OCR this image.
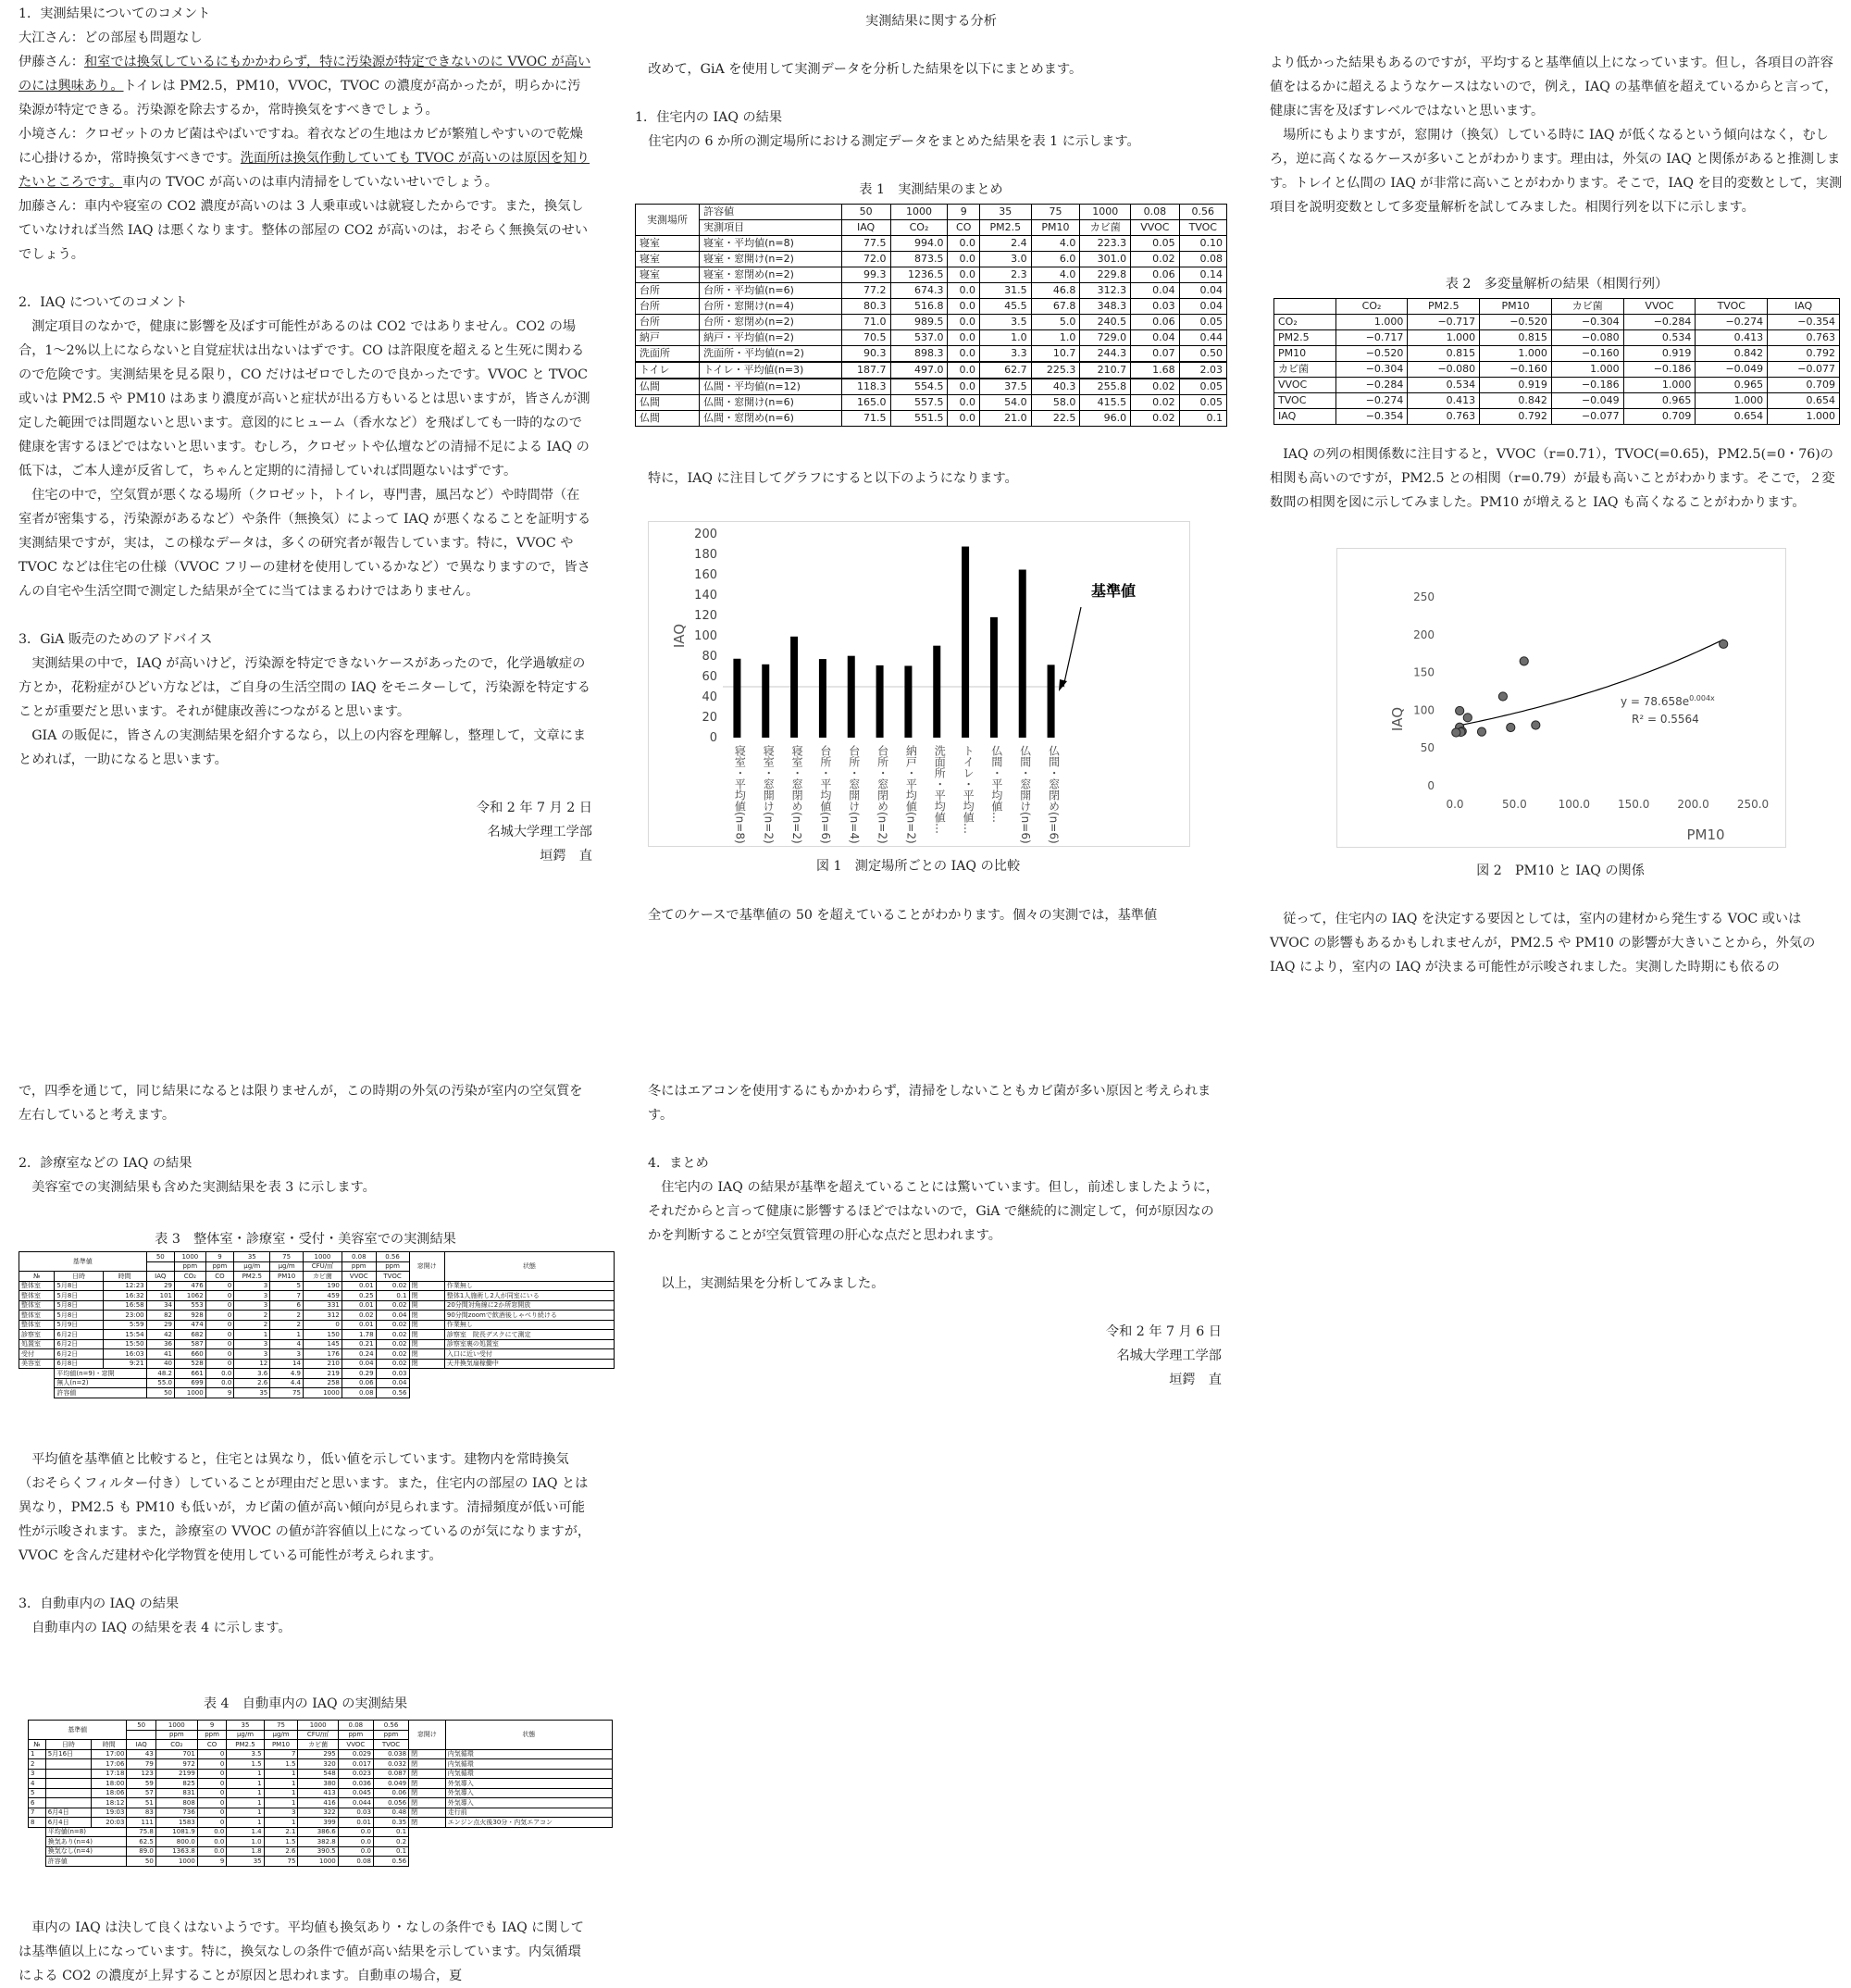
1．実測結果についてのコメント

大江さん：どの部屋も問題なし

伊藤さん：和室では換気しているにもかかわらず，特に汚染源が特定できないのに VVOC が高いのには興味あり。トイレは PM2.5，PM10，VVOC，TVOC の濃度が高かったが，明らかに汚染源が特定できる。汚染源を除去するか，常時換気をすべきでしょう。

小境さん：クロゼットのカビ菌はやばいですね。着衣などの生地はカビが繁殖しやすいので乾燥に心掛けるか，常時換気すべきです。洗面所は換気作動していても TVOC が高いのは原因を知りたいところです。車内の TVOC が高いのは車内清掃をしていないせいでしょう。

加藤さん：車内や寝室の CO2 濃度が高いのは 3 人乗車或いは就寝したからです。また，換気していなければ当然 IAQ は悪くなります。整体の部屋の CO2 が高いのは，おそらく無換気のせいでしょう。

2．IAQ についてのコメント

測定項目のなかで，健康に影響を及ぼす可能性があるのは CO2 ではありません。CO2 の場合，1～2%以上にならないと自覚症状は出ないはずです。CO は許限度を超えると生死に関わるので危険です。実測結果を見る限り，CO だけはゼロでしたので良かったです。VVOC と TVOC 或いは PM2.5 や PM10 はあまり濃度が高いと症状が出る方もいるとは思いますが，皆さんが測定した範囲では問題ないと思います。意図的にヒューム（香水など）を飛ばしても一時的なので健康を害するほどではないと思います。むしろ，クロゼットや仏壇などの清掃不足による IAQ の低下は，ご本人達が反省して，ちゃんと定期的に清掃していれば問題ないはずです。

住宅の中で，空気質が悪くなる場所（クロゼット，トイレ，専門書，風呂など）や時間帯（在室者が密集する，汚染源があるなど）や条件（無換気）によって IAQ が悪くなることを証明する実測結果ですが，実は，この様なデータは，多くの研究者が報告しています。特に，VVOC や TVOC などは住宅の仕様（VVOC フリーの建材を使用しているかなど）で異なりますので，皆さんの自宅や生活空間で測定した結果が全てに当てはまるわけではありません。

3．GiA 販売のためのアドバイス

実測結果の中で，IAQ が高いけど，汚染源を特定できないケースがあったので，化学過敏症の方とか，花粉症がひどい方などは，ご自身の生活空間の IAQ をモニターして，汚染源を特定することが重要だと思います。それが健康改善につながると思います。

GIA の販促に，皆さんの実測結果を紹介するなら，以上の内容を理解し，整理して，文章にまとめれば，一助になると思います。

令和 2 年 7 月 2 日

名城大学理工学部

垣鍔　直

実測結果に関する分析

改めて，GiA を使用して実測データを分析した結果を以下にまとめます。

1．住宅内の IAQ の結果

住宅内の 6 か所の測定場所における測定データをまとめた結果を表 1 に示します。

表 1　実測結果のまとめ
実測場所	許容値	50	1000	9	35	75	1000	0.08	0.56
	実測項目	IAQ	CO₂	CO	PM2.5	PM10	カビ菌	VVOC	TVOC
寝室	寝室・平均値(n=8)	77.5	994.0	0.0	2.4	4.0	223.3	0.05	0.10
寝室	寝室・窓開け(n=2)	72.0	873.5	0.0	3.0	6.0	301.0	0.02	0.08
寝室	寝室・窓閉め(n=2)	99.3	1236.5	0.0	2.3	4.0	229.8	0.06	0.14
台所	台所・平均値(n=6)	77.2	674.3	0.0	31.5	46.8	312.3	0.04	0.04
台所	台所・窓開け(n=4)	80.3	516.8	0.0	45.5	67.8	348.3	0.03	0.04
台所	台所・窓閉め(n=2)	71.0	989.5	0.0	3.5	5.0	240.5	0.06	0.05
納戸	納戸・平均値(n=2)	70.5	537.0	0.0	1.0	1.0	729.0	0.04	0.44
洗面所	洗面所・平均値(n=2)	90.3	898.3	0.0	3.3	10.7	244.3	0.07	0.50
トイレ	トイレ・平均値(n=3)	187.7	497.0	0.0	62.7	225.3	210.7	1.68	2.03
仏間	仏間・平均値(n=12)	118.3	554.5	0.0	37.5	40.3	255.8	0.02	0.05
仏間	仏間・窓開け(n=6)	165.0	557.5	0.0	54.0	58.0	415.5	0.02	0.05
仏間	仏間・窓閉め(n=6)	71.5	551.5	0.0	21.0	22.5	96.0	0.02	0.1
特に，IAQ に注目してグラフにすると以下のようになります。
0
20
40
60
80
100
120
140
160
180
200
IAQ
寝室・平均値(n=8) 寝室・窓開け(n=2) 寝室・窓閉め(n=2) 台所・平均値(n=6) 台所・窓開け(n=4) 台所・窓閉め(n=2) 納戸・平均値(n=2) 洗面所・平均値… トイレ・平均値… 仏間・平均値… 仏間・窓開け(n=6) 仏間・窓閉め(n=6)
基準値
図 1　測定場所ごとの IAQ の比較
全てのケースで基準値の 50 を超えていることがわかります。個々の実測では，基準値

より低かった結果もあるのですが，平均すると基準値以上になっています。但し，各項目の許容値をはるかに超えるようなケースはないので，例え，IAQ の基準値を超えているからと言って，健康に害を及ぼすレベルではないと思います。

場所にもよりますが，窓開け（換気）している時に IAQ が低くなるという傾向はなく，むしろ，逆に高くなるケースが多いことがわかります。理由は，外気の IAQ と関係があると推測します。トレイと仏間の IAQ が非常に高いことがわかります。そこで，IAQ を目的変数として，実測項目を説明変数として多変量解析を試してみました。相関行列を以下に示します。

表 2　多変量解析の結果（相関行列）
	CO₂	PM2.5	PM10	カビ菌	VVOC	TVOC	IAQ
CO₂	1.000	−0.717	−0.520	−0.304	−0.284	−0.274	−0.354
PM2.5	−0.717	1.000	0.815	−0.080	0.534	0.413	0.763
PM10	−0.520	0.815	1.000	−0.160	0.919	0.842	0.792
カビ菌	−0.304	−0.080	−0.160	1.000	−0.186	−0.049	−0.077
VVOC	−0.284	0.534	0.919	−0.186	1.000	0.965	0.709
TVOC	−0.274	0.413	0.842	−0.049	0.965	1.000	0.654
IAQ	−0.354	0.763	0.792	−0.077	0.709	0.654	1.000

IAQ の列の相関係数に注目すると，VVOC（r=0.71），TVOC(=0.65)，PM2.5(=0・76)の相関も高いのですが，PM2.5 との相関（r=0.79）が最も高いことがわかります。そこで，２変数間の相関を図に示してみました。PM10 が増えると IAQ も高くなることがわかります。

0
50
100
150
200
250
0.0	50.0	100.0	150.0	200.0	250.0
IAQ
PM10
$y = 78.658e^{0.004x}$
R² = 0.5564
図 2　PM10 と IAQ の関係

従って，住宅内の IAQ を決定する要因としては，室内の建材から発生する VOC 或いは VVOC の影響もあるかもしれませんが，PM2.5 や PM10 の影響が大きいことから，外気の IAQ により，室内の IAQ が決まる可能性が示唆されました。実測した時期にも依るの

で，四季を通じて，同じ結果になるとは限りませんが，この時期の外気の汚染が室内の空気質を左右していると考えます。

2．診療室などの IAQ の結果

美容室での実測結果も含めた実測結果を表 3 に示します。

表 3　整体室・診療室・受付・美容室での実測結果
基準値			50	1000	9	35	75	1000	0.08	0.56	窓開け	状態
				ppm	ppm	μg/m	μg/m	CFU/㎥	ppm	ppm		
№	日時	時間	IAQ	CO₂	CO	PM2.5	PM10	カビ菌	VVOC	TVOC		
整体室	5月8日	12:23	29	476	0	3	5	190	0.01	0.02	閉	作業無し
整体室	5月8日	16:32	101	1062	0	3	7	459	0.25	0.1	閉	整体1人施術し2人が同室にいる
整体室	5月8日	16:58	34	553	0	3	6	331	0.01	0.02	開	20分間対角線に2か所窓開放
整体室	5月8日	23:00	82	928	0	2	2	312	0.02	0.04	閉	90分間zoomで飲酒後しゃべり続ける
整体室	5月9日	5:59	29	474	0	2	2	0	0.01	0.02	閉	作業無し
診察室	6月2日	15:54	42	682	0	1	1	150	1.78	0.02	閉	診察室　院長デスクにて測定
処置室	6月2日	15:50	36	587	0	3	4	145	0.21	0.02	閉	診察室裏の処置室
受付	6月2日	16:03	41	660	0	3	3	176	0.24	0.02	閉	入口に近い受付
美容室	6月8日	9:21	40	528	0	12	14	210	0.04	0.02	閉	天井換気扇稼働中
	平均値(n=9)・窓開		48.2	661	0.0	3.6	4.9	219	0.29	0.03		
	無人(n=2)		55.0	699	0.0	2.6	4.4	258	0.06	0.04		
	許容値		50	1000	9	35	75	1000	0.08	0.56		

平均値を基準値と比較すると，住宅とは異なり，低い値を示しています。建物内を常時換気（おそらくフィルター付き）していることが理由だと思います。また，住宅内の部屋の IAQ とは異なり，PM2.5 も PM10 も低いが，カビ菌の値が高い傾向が見られます。清掃頻度が低い可能性が示唆されます。また，診療室の VVOC の値が許容値以上になっているのが気になりますが，VVOC を含んだ建材や化学物質を使用している可能性が考えられます。

3．自動車内の IAQ の結果

自動車内の IAQ の結果を表 4 に示します。

表 4　自動車内の IAQ の実測結果
基準値			50	1000	9	35	75	1000	0.08	0.56	窓開け	状態
				ppm	ppm	μg/m	μg/m	CFU/㎥	ppm	ppm		
№	日時	時間	IAQ	CO₂	CO	PM2.5	PM10	カビ菌	VVOC	TVOC		
1	5月16日	17:00	43	701	0	3.5	7	295	0.029	0.038	閉	内気循環
2		17:06	79	972	0	1.5	1.5	320	0.017	0.032	閉	内気循環
3		17:18	123	2199	0	1	1	548	0.023	0.087	閉	内気循環
4		18:00	59	825	0	1	1	380	0.036	0.049	閉	外気導入
5		18:06	57	831	0	1	1	413	0.045	0.06	閉	外気導入
6		18:12	51	808	0	1	1	416	0.044	0.056	閉	外気導入
7	6月4日	19:03	83	736	0	1	3	322	0.03	0.48	閉	走行前
8	6月4日	20:03	111	1583	0	1	1	399	0.01	0.35	閉	エンジン点火後30分・内気エアコン
	平均値(n=8)		75.8	1081.9	0.0	1.4	2.1	386.6	0.0	0.1		
	換気あり(n=4)		62.5	800.0	0.0	1.0	1.5	382.8	0.0	0.2		
	換気なし(n=4)		89.0	1363.8	0.0	1.8	2.6	390.5	0.0	0.1		
	許容値		50	1000	9	35	75	1000	0.08	0.56		

車内の IAQ は決して良くはないようです。平均値も換気あり・なしの条件でも IAQ に関しては基準値以上になっています。特に，換気なしの条件で値が高い結果を示しています。内気循環による CO2 の濃度が上昇することが原因と思われます。自動車の場合，夏

冬にはエアコンを使用するにもかかわらず，清掃をしないこともカビ菌が多い原因と考えられます。

4．まとめ

住宅内の IAQ の結果が基準を超えていることには驚いています。但し，前述しましたように，それだからと言って健康に影響するほどではないので，GiA で継続的に測定して，何が原因なのかを判断することが空気質管理の肝心な点だと思われます。

以上，実測結果を分析してみました。

令和 2 年 7 月 6 日

名城大学理工学部

垣鍔　直
